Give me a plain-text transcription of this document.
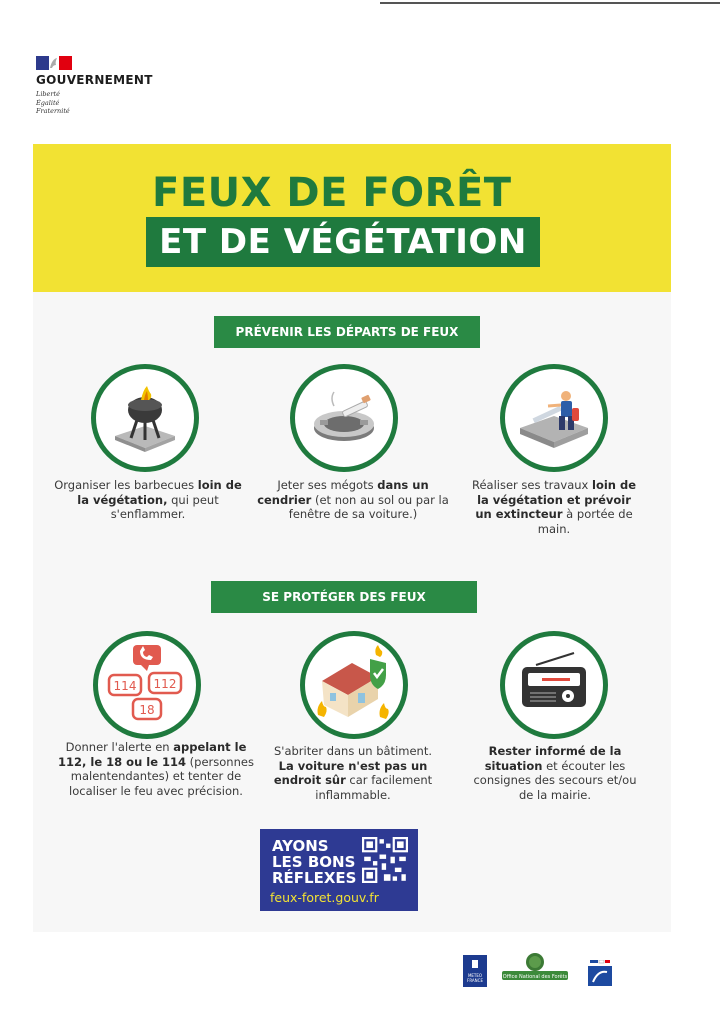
GOUVERNEMENT
Liberté
Égalité
Fraternité
FEUX DE FORÊT
ET DE VÉGÉTATION
PRÉVENIR LES DÉPARTS DE FEUX
Organiser les barbecues loin de la végétation, qui peut s'enflammer.
Jeter ses mégots dans un cendrier (et non au sol ou par la fenêtre de sa voiture.)
Réaliser ses travaux loin de la végétation et prévoir un extincteur à portée de main.
SE PROTÉGER DES FEUX
114 112
18
Donner l'alerte en appelant le 112, le 18 ou le 114 (personnes malentendantes) et tenter de localiser le feu avec précision.
S'abriter dans un bâtiment.
La voiture n'est pas un endroit sûr car facilement inflammable.
Rester informé de la situation et écouter les consignes des secours et/ou de la mairie.
AYONS
LES BONS
RÉFLEXES
feux-foret.gouv.fr
METEO
FRANCE
Office National des Forêts
